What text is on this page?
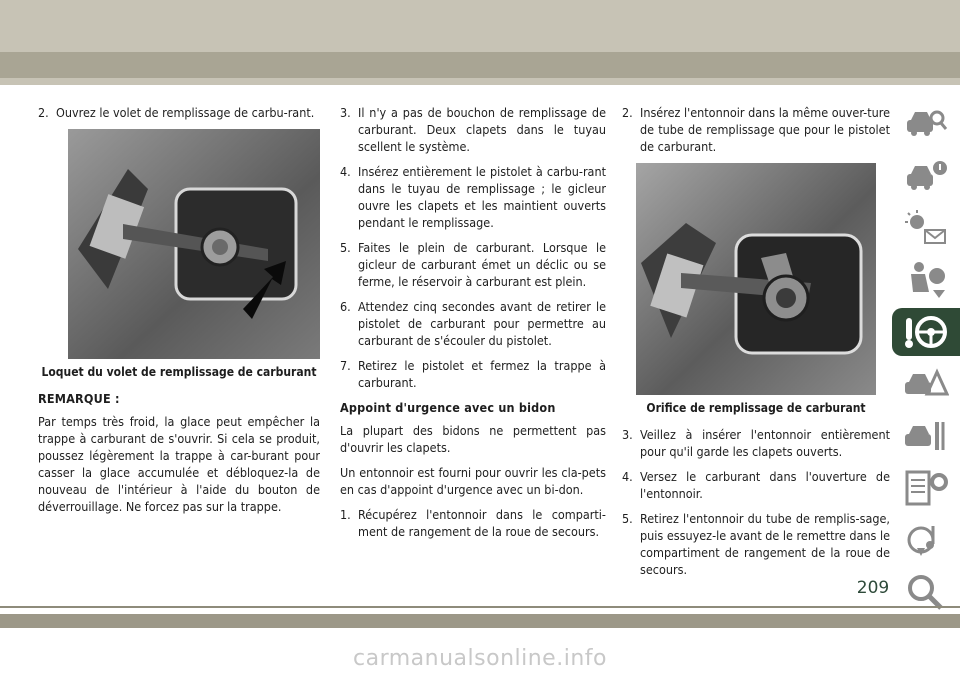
2. Ouvrez le volet de remplissage de carbu-rant.
Loquet du volet de remplissage de carburant
REMARQUE :
Par temps très froid, la glace peut empêcher la trappe à carburant de s'ouvrir. Si cela se produit, poussez légèrement la trappe à car-burant pour casser la glace accumulée et débloquez-la de nouveau de l'intérieur à l'aide du bouton de déverrouillage. Ne forcez pas sur la trappe.
3. Il n'y a pas de bouchon de remplissage de carburant. Deux clapets dans le tuyau scellent le système.
4. Insérez entièrement le pistolet à carbu-rant dans le tuyau de remplissage ; le gicleur ouvre les clapets et les maintient ouverts pendant le remplissage.
5. Faites le plein de carburant. Lorsque le gicleur de carburant émet un déclic ou se ferme, le réservoir à carburant est plein.
6. Attendez cinq secondes avant de retirer le pistolet de carburant pour permettre au carburant de s'écouler du pistolet.
7. Retirez le pistolet et fermez la trappe à carburant.
Appoint d'urgence avec un bidon
La plupart des bidons ne permettent pas d'ouvrir les clapets.
Un entonnoir est fourni pour ouvrir les cla-pets en cas d'appoint d'urgence avec un bi-don.
1. Récupérez l'entonnoir dans le comparti-ment de rangement de la roue de secours.
2. Insérez l'entonnoir dans la même ouver-ture de tube de remplissage que pour le pistolet de carburant.
Orifice de remplissage de carburant
3. Veillez à insérer l'entonnoir entièrement pour qu'il garde les clapets ouverts.
4. Versez le carburant dans l'ouverture de l'entonnoir.
5. Retirez l'entonnoir du tube de remplis-sage, puis essuyez-le avant de le remettre dans le compartiment de rangement de la roue de secours.
209
carmanualsonline.info
